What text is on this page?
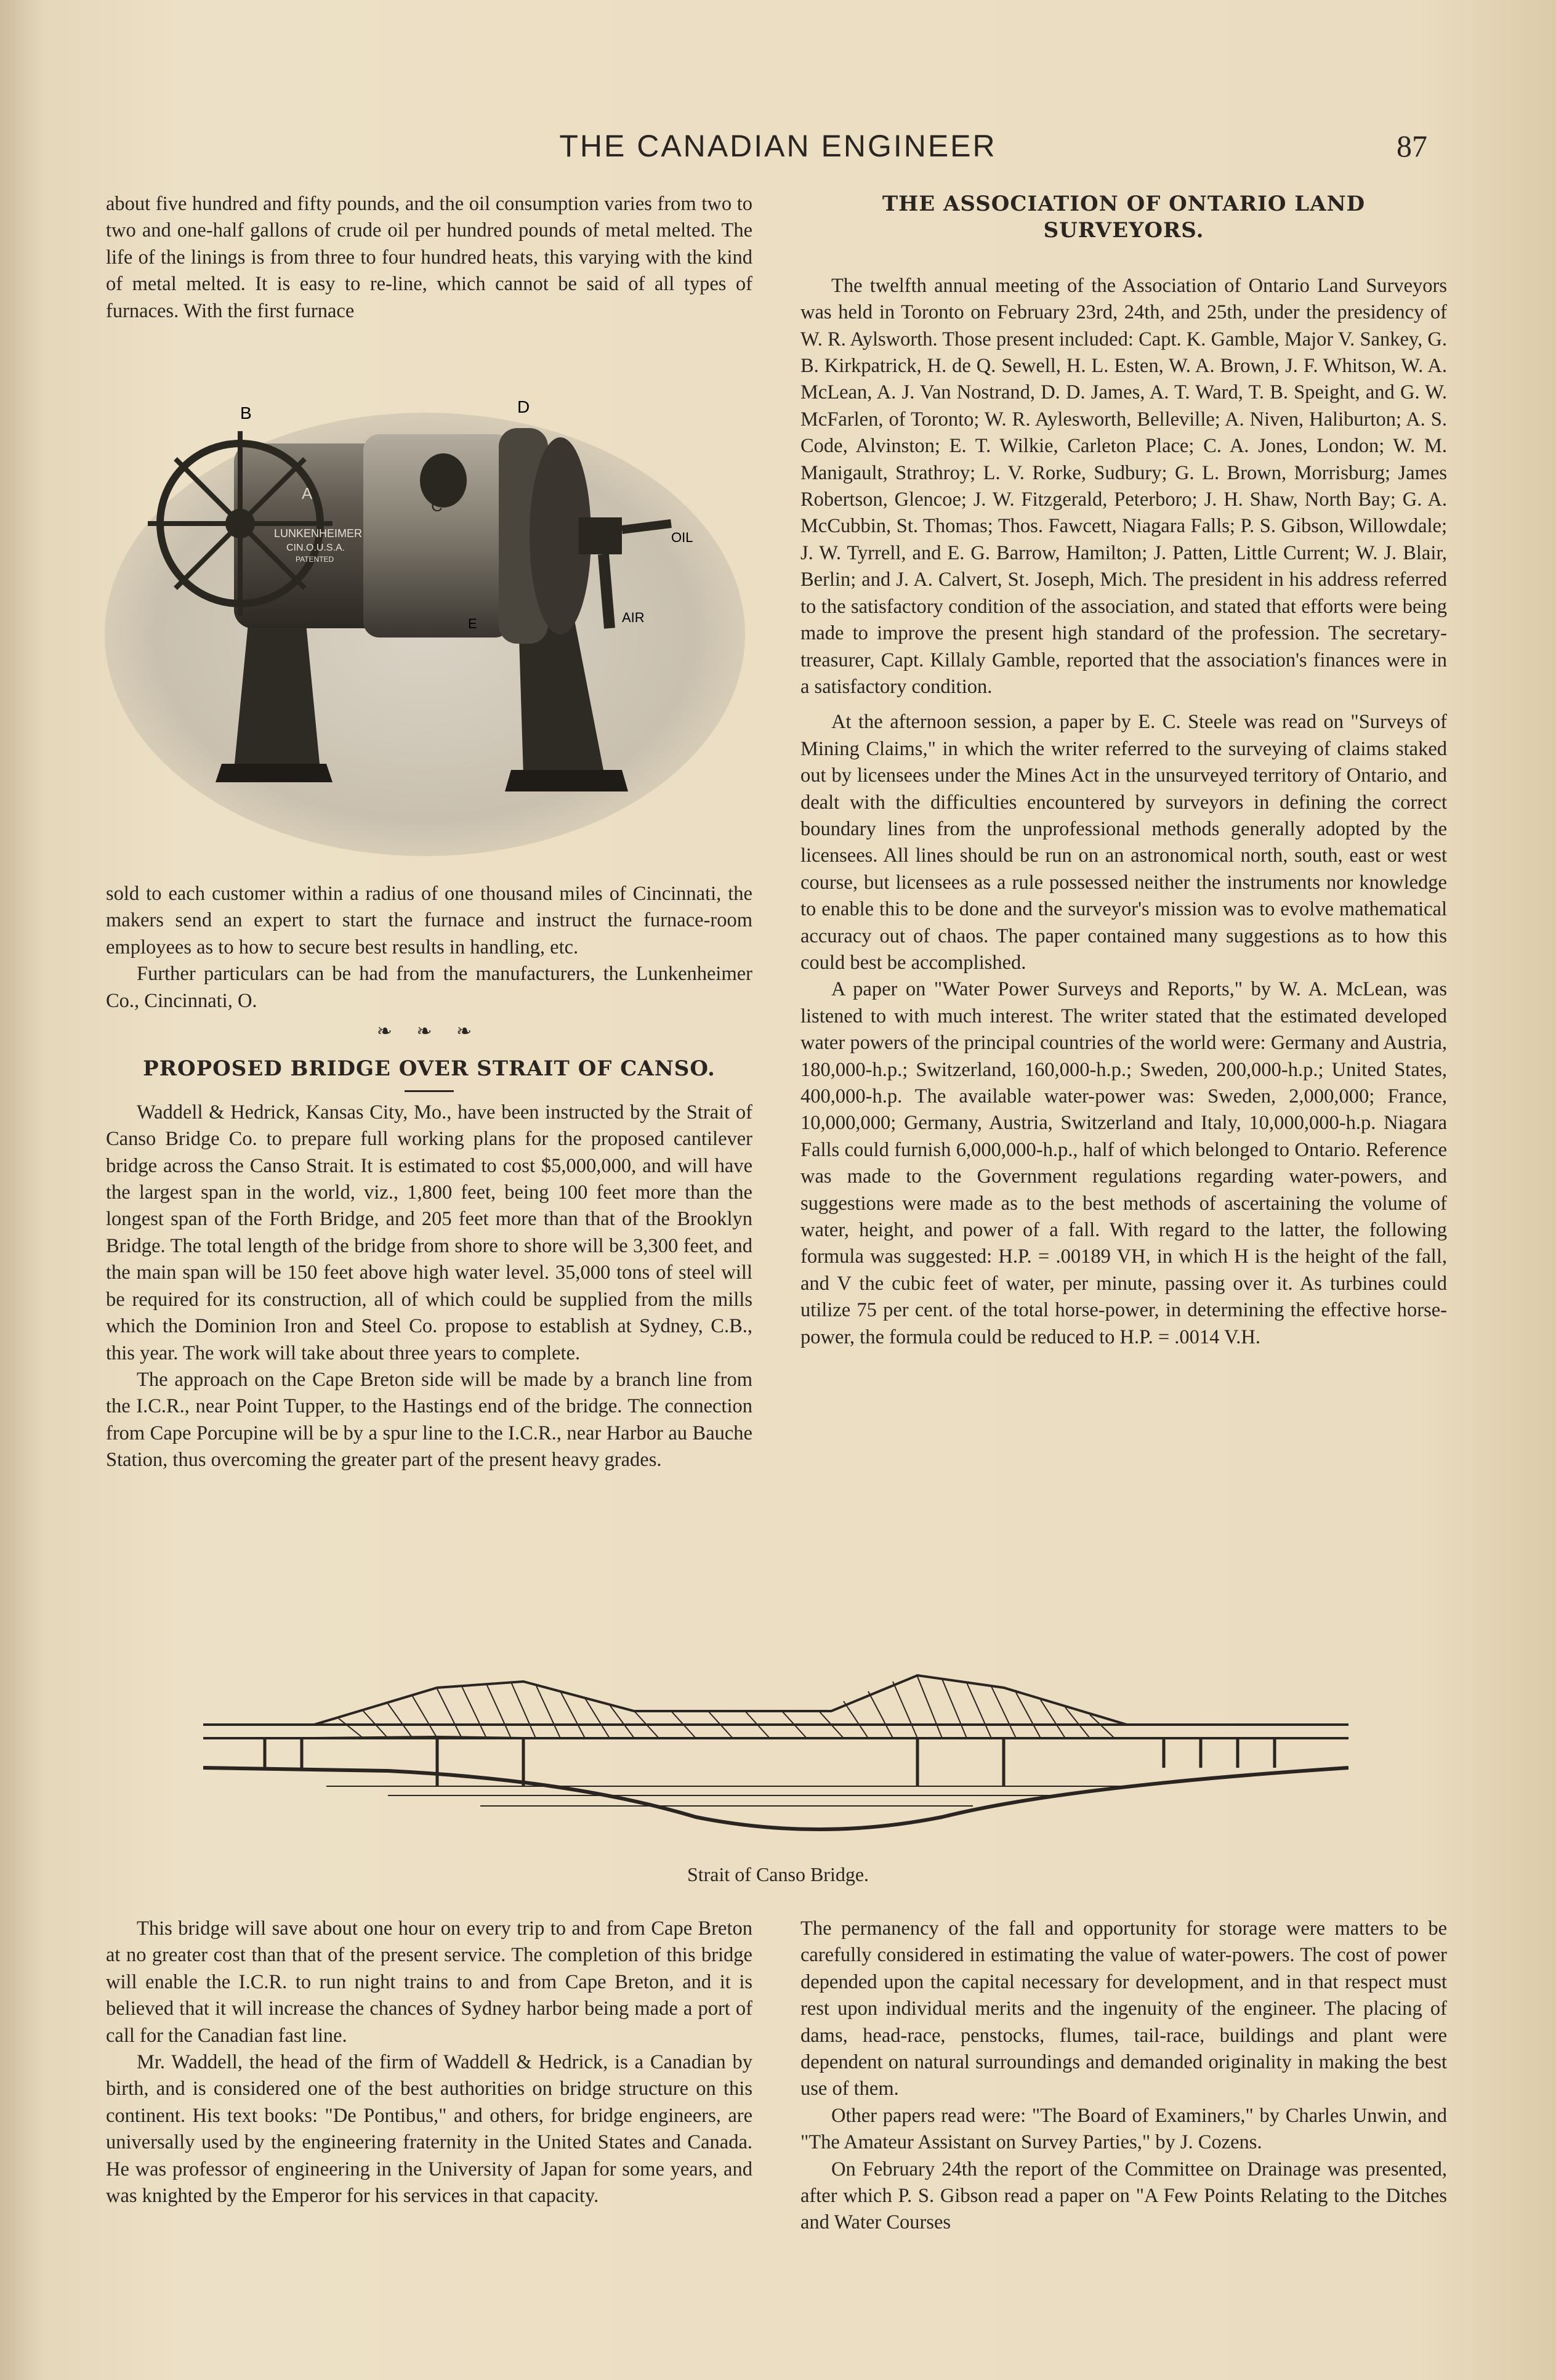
THE CANADIAN ENGINEER	87

about five hundred and fifty pounds, and the oil consumption varies from two to two and one-half gallons of crude oil per hundred pounds of metal melted. The life of the linings is from three to four hundred heats, this varying with the kind of metal melted. It is easy to re-line, which cannot be said of all types of furnaces. With the first furnace

LUNKENHEIMER
CIN.O.U.S.A.
PATENTED
B	D
A
C
E
OIL
AIR

sold to each customer within a radius of one thousand miles of Cincinnati, the makers send an expert to start the furnace and instruct the furnace-room employees as to how to secure best results in handling, etc.

Further particulars can be had from the manufacturers, the Lunkenheimer Co., Cincinnati, O.

❧ ❧ ❧
PROPOSED BRIDGE OVER STRAIT OF CANSO.

Waddell & Hedrick, Kansas City, Mo., have been instructed by the Strait of Canso Bridge Co. to prepare full working plans for the proposed cantilever bridge across the Canso Strait. It is estimated to cost $5,000,000, and will have the largest span in the world, viz., 1,800 feet, being 100 feet more than the longest span of the Forth Bridge, and 205 feet more than that of the Brooklyn Bridge. The total length of the bridge from shore to shore will be 3,300 feet, and the main span will be 150 feet above high water level. 35,000 tons of steel will be required for its construction, all of which could be supplied from the mills which the Dominion Iron and Steel Co. propose to establish at Sydney, C.B., this year. The work will take about three years to complete.

The approach on the Cape Breton side will be made by a branch line from the I.C.R., near Point Tupper, to the Hastings end of the bridge. The connection from Cape Porcupine will be by a spur line to the I.C.R., near Harbor au Bauche Station, thus overcoming the greater part of the present heavy grades.

THE ASSOCIATION OF ONTARIO LAND SURVEYORS.

The twelfth annual meeting of the Association of Ontario Land Surveyors was held in Toronto on February 23rd, 24th, and 25th, under the presidency of W. R. Aylsworth. Those present included: Capt. K. Gamble, Major V. Sankey, G. B. Kirkpatrick, H. de Q. Sewell, H. L. Esten, W. A. Brown, J. F. Whitson, W. A. McLean, A. J. Van Nostrand, D. D. James, A. T. Ward, T. B. Speight, and G. W. McFarlen, of Toronto; W. R. Aylesworth, Belleville; A. Niven, Haliburton; A. S. Code, Alvinston; E. T. Wilkie, Carleton Place; C. A. Jones, London; W. M. Manigault, Strathroy; L. V. Rorke, Sudbury; G. L. Brown, Morrisburg; James Robertson, Glencoe; J. W. Fitzgerald, Peterboro; J. H. Shaw, North Bay; G. A. McCubbin, St. Thomas; Thos. Fawcett, Niagara Falls; P. S. Gibson, Willowdale; J. W. Tyrrell, and E. G. Barrow, Hamilton; J. Patten, Little Current; W. J. Blair, Berlin; and J. A. Calvert, St. Joseph, Mich. The president in his address referred to the satisfactory condition of the association, and stated that efforts were being made to improve the present high standard of the profession. The secretary-treasurer, Capt. Killaly Gamble, reported that the association's finances were in a satisfactory condition.

At the afternoon session, a paper by E. C. Steele was read on "Surveys of Mining Claims," in which the writer referred to the surveying of claims staked out by licensees under the Mines Act in the unsurveyed territory of Ontario, and dealt with the difficulties encountered by surveyors in defining the correct boundary lines from the unprofessional methods generally adopted by the licensees. All lines should be run on an astronomical north, south, east or west course, but licensees as a rule possessed neither the instruments nor knowledge to enable this to be done and the surveyor's mission was to evolve mathematical accuracy out of chaos. The paper contained many suggestions as to how this could best be accomplished.

A paper on "Water Power Surveys and Reports," by W. A. McLean, was listened to with much interest. The writer stated that the estimated developed water powers of the principal countries of the world were: Germany and Austria, 180,000-h.p.; Switzerland, 160,000-h.p.; Sweden, 200,000-h.p.; United States, 400,000-h.p. The available water-power was: Sweden, 2,000,000; France, 10,000,000; Germany, Austria, Switzerland and Italy, 10,000,000-h.p. Niagara Falls could furnish 6,000,000-h.p., half of which belonged to Ontario. Reference was made to the Government regulations regarding water-powers, and suggestions were made as to the best methods of ascertaining the volume of water, height, and power of a fall. With regard to the latter, the following formula was suggested: H.P. = .00189 VH, in which H is the height of the fall, and V the cubic feet of water, per minute, passing over it. As turbines could utilize 75 per cent. of the total horse-power, in determining the effective horse-power, the formula could be reduced to H.P. = .0014 V.H.

Strait of Canso Bridge.

This bridge will save about one hour on every trip to and from Cape Breton at no greater cost than that of the present service. The completion of this bridge will enable the I.C.R. to run night trains to and from Cape Breton, and it is believed that it will increase the chances of Sydney harbor being made a port of call for the Canadian fast line.

Mr. Waddell, the head of the firm of Waddell & Hedrick, is a Canadian by birth, and is considered one of the best authorities on bridge structure on this continent. His text books: "De Pontibus," and others, for bridge engineers, are universally used by the engineering fraternity in the United States and Canada. He was professor of engineering in the University of Japan for some years, and was knighted by the Emperor for his services in that capacity.

The permanency of the fall and opportunity for storage were matters to be carefully considered in estimating the value of water-powers. The cost of power depended upon the capital necessary for development, and in that respect must rest upon individual merits and the ingenuity of the engineer. The placing of dams, head-race, penstocks, flumes, tail-race, buildings and plant were dependent on natural surroundings and demanded originality in making the best use of them.

Other papers read were: "The Board of Examiners," by Charles Unwin, and "The Amateur Assistant on Survey Parties," by J. Cozens.

On February 24th the report of the Committee on Drainage was presented, after which P. S. Gibson read a paper on "A Few Points Relating to the Ditches and Water Courses
